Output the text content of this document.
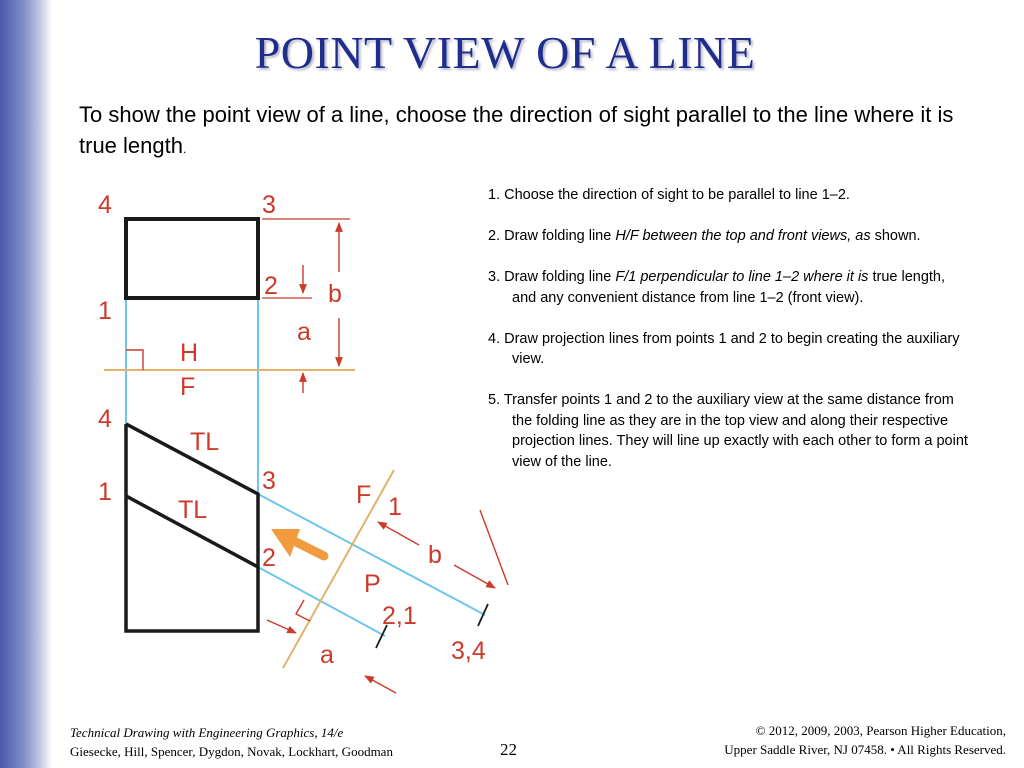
POINT VIEW OF A LINE
To show the point view of a line, choose the direction of sight parallel to the line where it is true length.
1. Choose the direction of sight to be parallel to line 1–2.
2. Draw folding line H/F between the top and front views, as shown.
3. Draw folding line F/1 perpendicular to line 1–2 where it is true length, and any convenient distance from line 1–2 (front view).
4. Draw projection lines from points 1 and 2 to begin creating the auxiliary view.
5. Transfer points 1 and 2 to the auxiliary view at the same distance from the folding line as they are in the top view and along their respective projection lines. They will line up exactly with each other to form a point view of the line.
4	3
2
1
b
a
H
F
4
1
TL
TL
3
2
F 1
b
P
2,1
3,4
a
Technical Drawing with Engineering Graphics, 14/e
Giesecke, Hill, Spencer, Dygdon, Novak, Lockhart, Goodman	22
© 2012, 2009, 2003, Pearson Higher Education,
Upper Saddle River, NJ 07458. • All Rights Reserved.
